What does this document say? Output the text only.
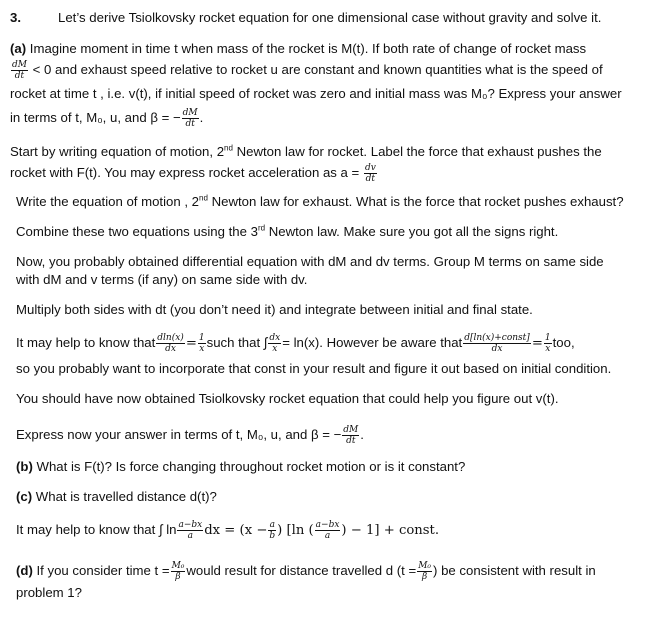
3.	Let’s derive Tsiolkovsky rocket equation for one dimensional case without gravity and solve it.
(a) Imagine moment in time t when mass of the rocket is M(t). If both rate of change of rocket mass
$\frac{dM}{dt} < 0$ and exhaust speed relative to rocket u are constant and known quantities what is the speed of
rocket at time t , i.e. v(t), if initial speed of rocket was zero and initial mass was M₀? Express your answer
in terms of t, M₀, u, and β = − $\frac{dM}{dt}$ .
Start by writing equation of motion, 2nd Newton law for rocket. Label the force that exhaust pushes the
rocket with F(t). You may express rocket acceleration as $a = \frac{dv}{dt}$
Write the equation of motion , 2nd Newton law for exhaust. What is the force that rocket pushes exhaust?
Combine these two equations using the 3rd Newton law. Make sure you got all the signs right.
Now, you probably obtained differential equation with dM and dv terms. Group M terms on same side
with dM and v terms (if any) on same side with dv.
Multiply both sides with dt (you don’t need it) and integrate between initial and final state.
It may help to know that $\frac{dln(x)}{dx} = \frac{1}{x}$ such that ∫ $\frac{dx}{x} = \ln(x)$. However be aware that $\frac{\text{d[ln(x)+const]}}{dx} = \frac{1}{x}$ too,
so you probably want to incorporate that const in your result and figure it out based on initial condition.
You should have now obtained Tsiolkovsky rocket equation that could help you figure out v(t).
Express now your answer in terms of t, M₀, u, and β = − $\frac{dM}{dt}$ .
(b) What is F(t)? Is force changing throughout rocket motion or is it constant?
(c) What is travelled distance d(t)?
It may help to know that ∫ $\ln \frac{a-bx}{a}$ dx = ($x - \frac{a}{b}$ ) [ln ( $\frac{a-bx}{a}$ ) − 1] + const.
(d) If you consider time $t = \frac{\text{M₀}}{\beta}$ would result for distance travelled d ($t = \frac{\text{M₀}}{\beta}$ ) be consistent with result in
problem 1?
